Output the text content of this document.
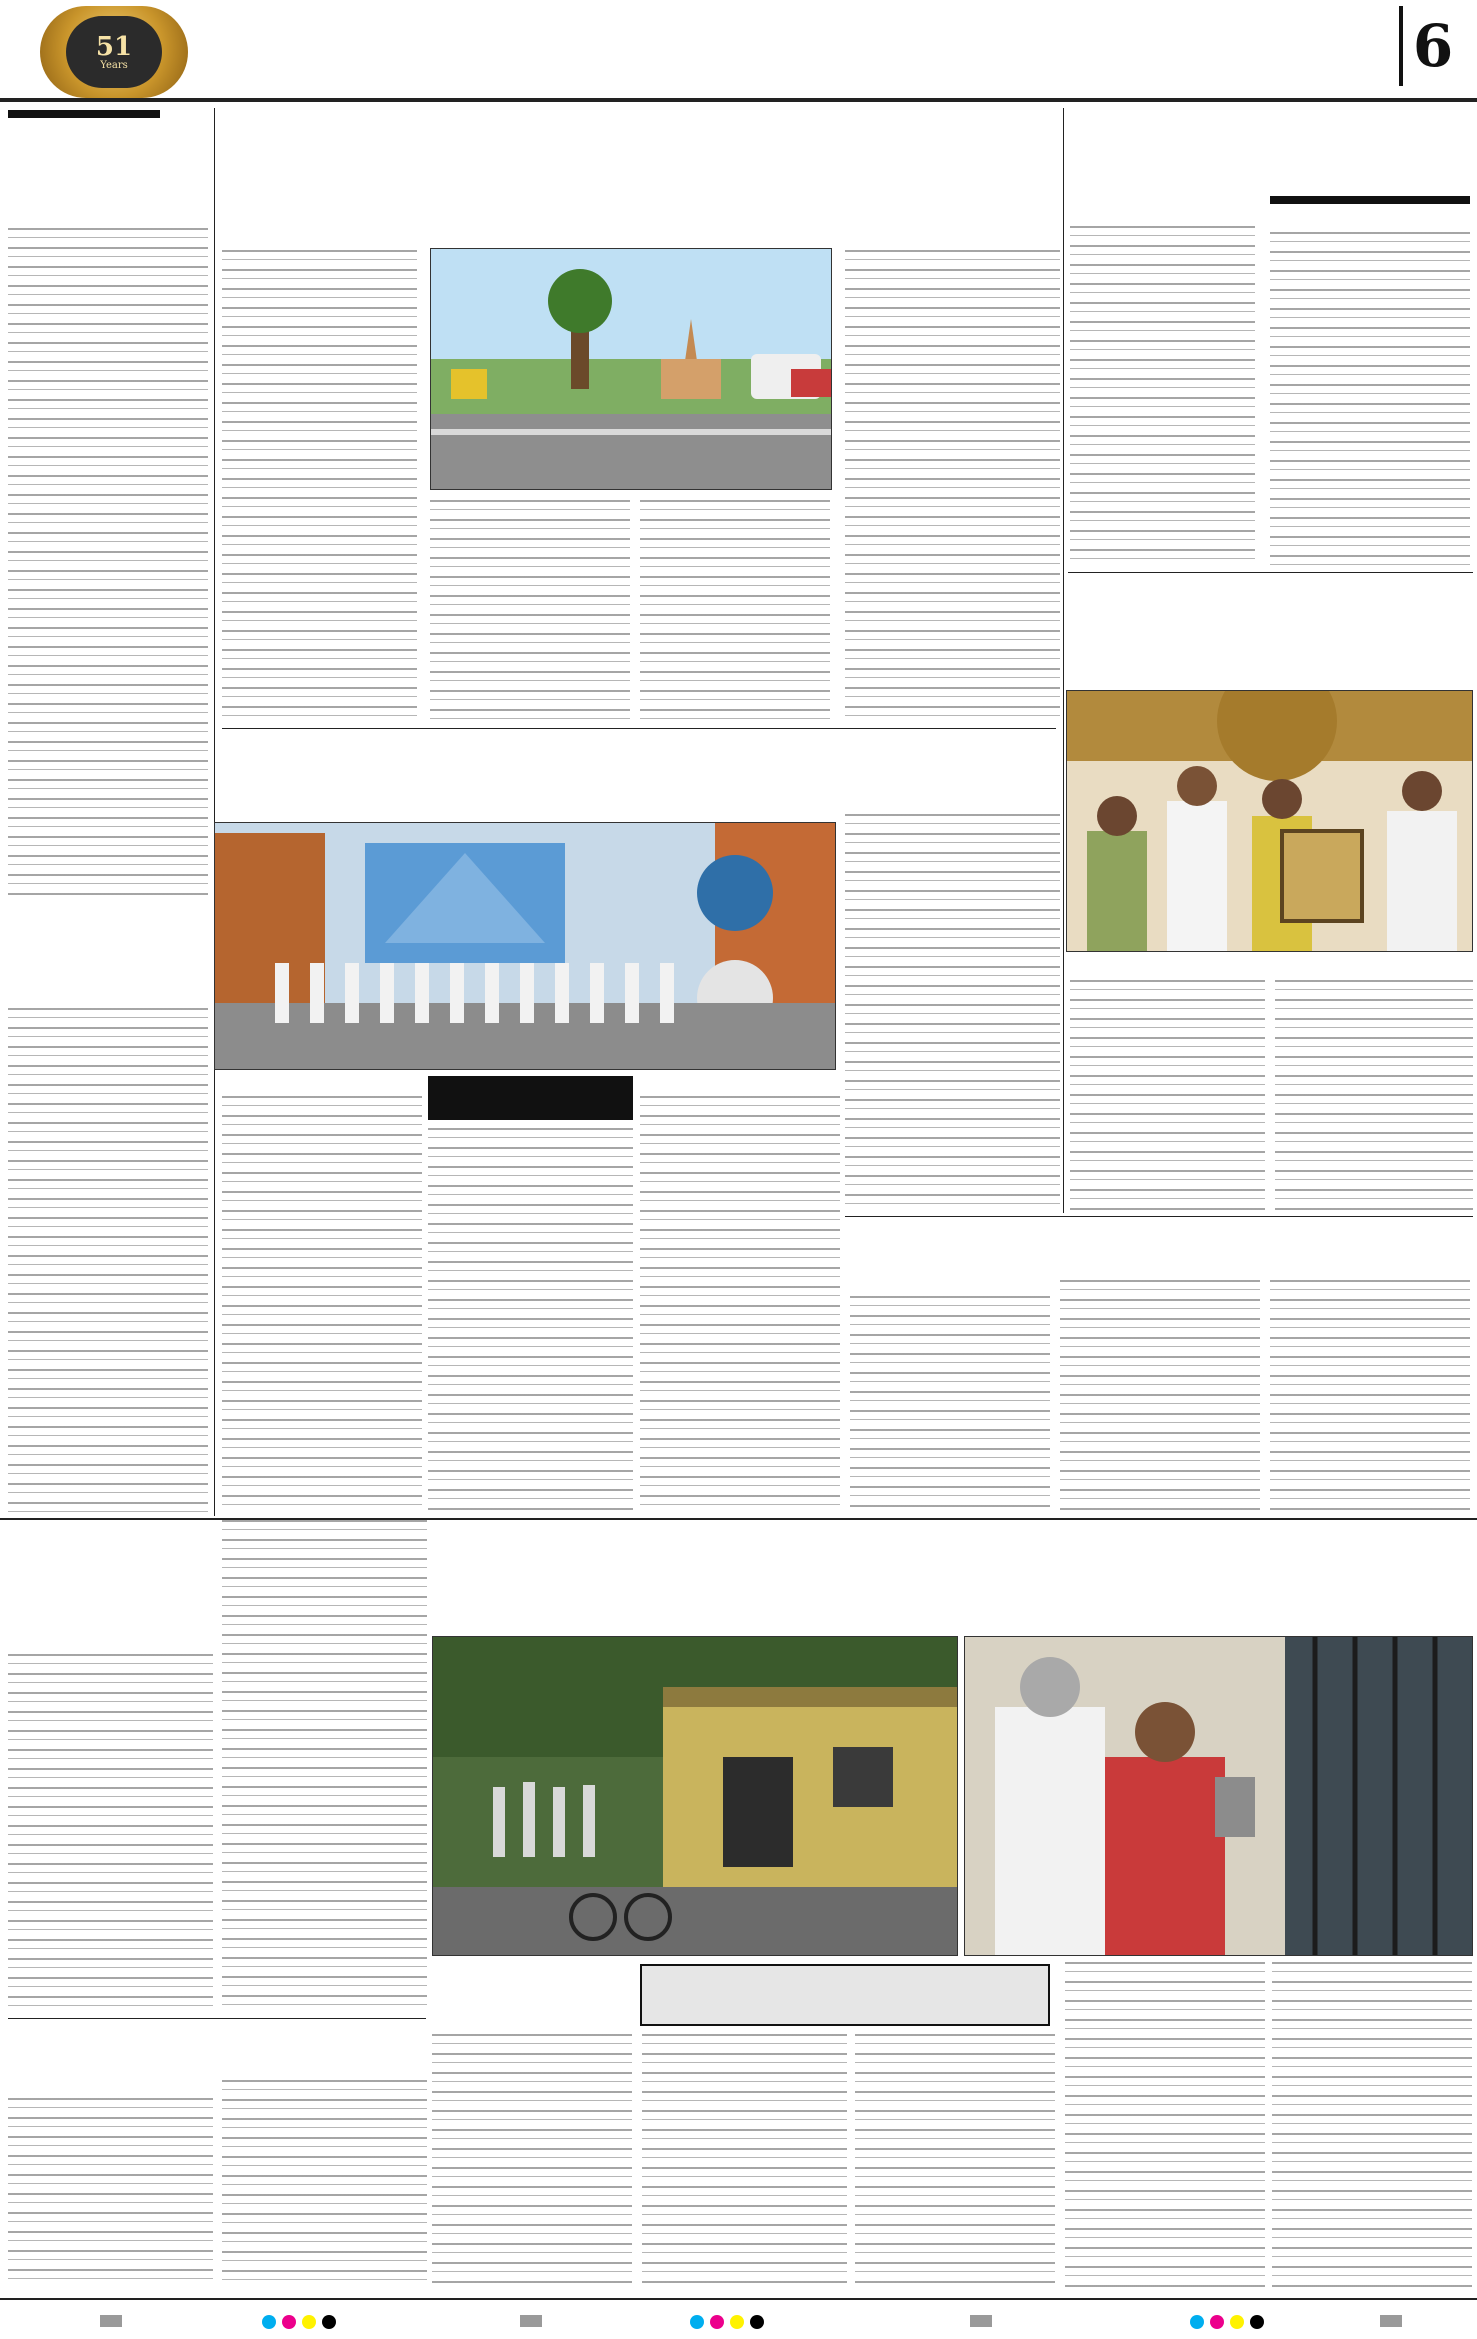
51
Years	6
